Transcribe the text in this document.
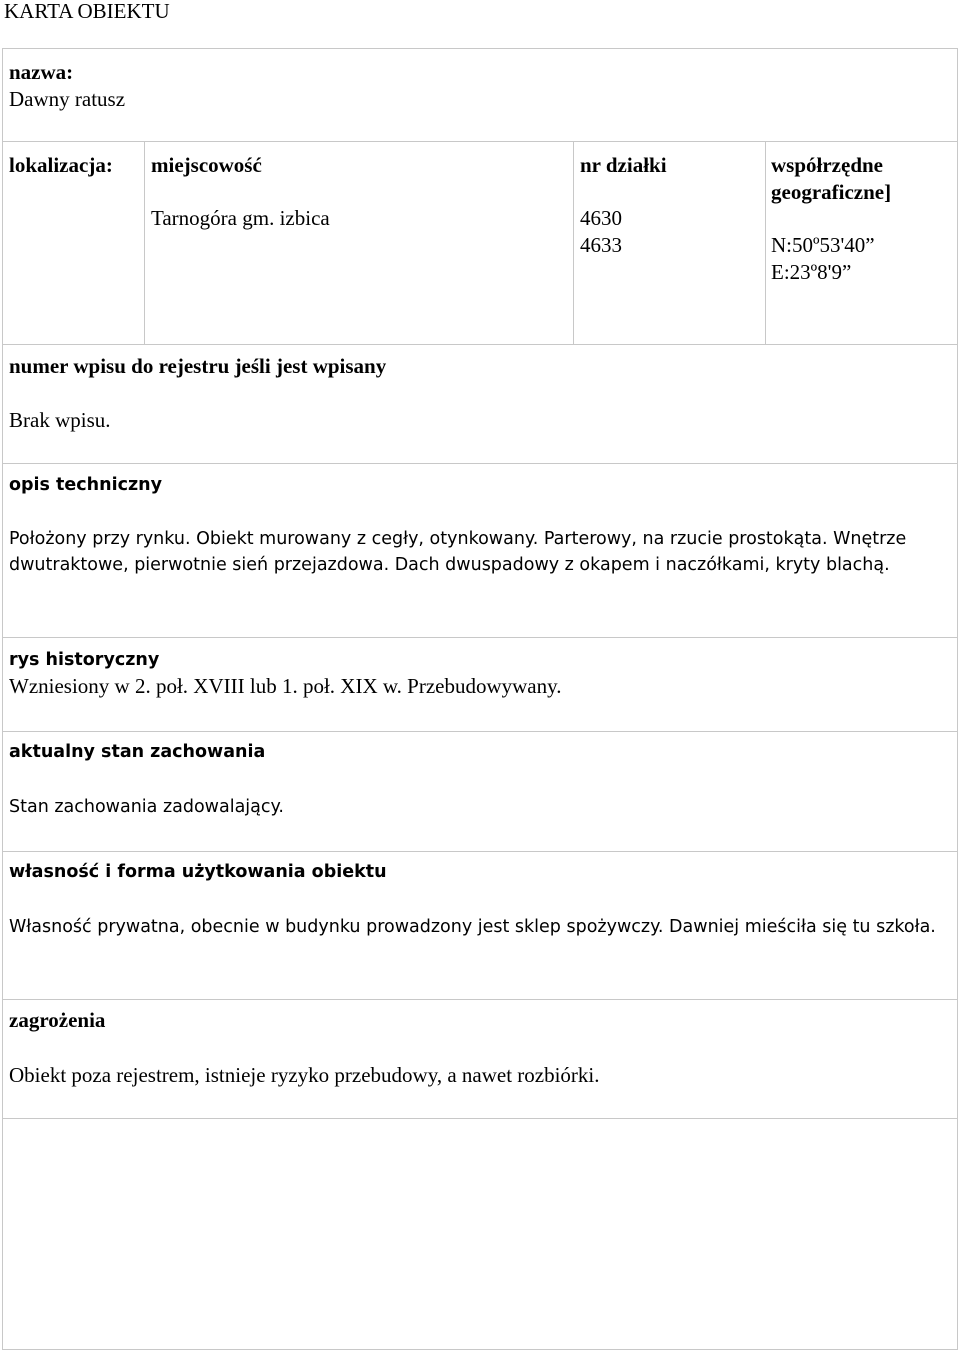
KARTA OBIEKTU
nazwa:
Dawny ratusz
lokalizacja: miejscowość
Tarnogóra gm. izbica
nr działki
4630
4633
współrzędne
geograficzne]
N:50º53'40”
E:23º8'9”
numer wpisu do rejestru jeśli jest wpisany
Brak wpisu.
opis techniczny
Położony przy rynku. Obiekt murowany z cegły, otynkowany. Parterowy, na rzucie prostokąta. Wnętrze dwutraktowe, pierwotnie sień przejazdowa. Dach dwuspadowy z okapem i naczółkami, kryty blachą.
rys historyczny
Wzniesiony w 2. poł. XVIII lub 1. poł. XIX w. Przebudowywany.
aktualny stan zachowania
Stan zachowania zadowalający.
własność i forma użytkowania obiektu
Własność prywatna, obecnie w budynku prowadzony jest sklep spożywczy. Dawniej mieściła się tu szkoła.
zagrożenia
Obiekt poza rejestrem, istnieje ryzyko przebudowy, a nawet rozbiórki.
